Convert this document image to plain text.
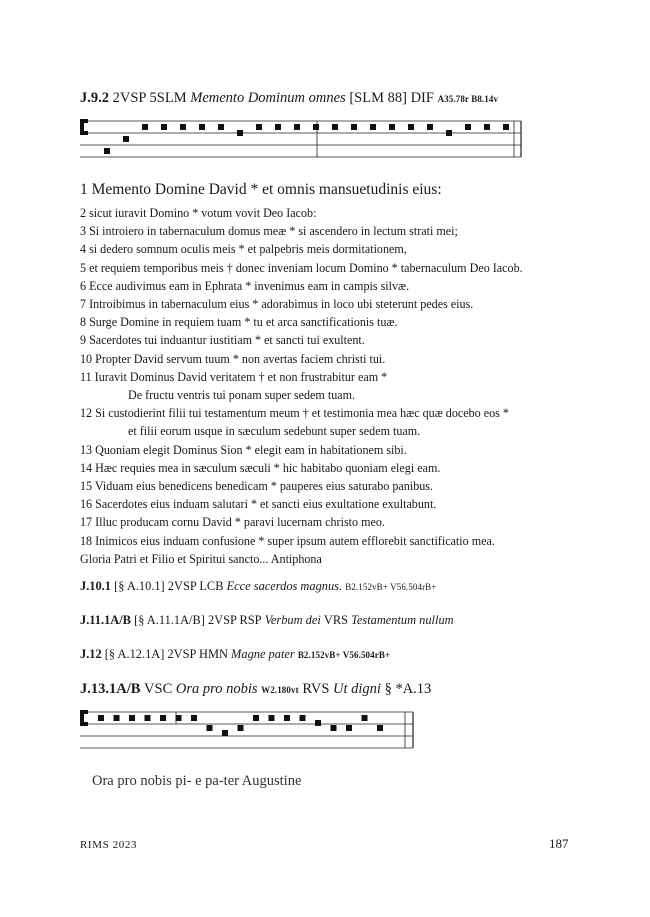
J.9.2 2VSP 5SLM Memento Dominum omnes [SLM 88] DIF A35.78r B8.14v
1 Memento Domine David * et omnis mansuetudinis eius:
2 sicut iuravit Domino * votum vovit Deo Iacob:
3 Si introiero in tabernaculum domus meæ * si ascendero in lectum strati mei;
4 si dedero somnum oculis meis * et palpebris meis dormitationem,
5 et requiem temporibus meis † donec inveniam locum Domino * tabernaculum Deo Iacob.
6 Ecce audivimus eam in Ephrata * invenimus eam in campis silvæ.
7 Introibimus in tabernaculum eius * adorabimus in loco ubi steterunt pedes eius.
8 Surge Domine in requiem tuam * tu et arca sanctificationis tuæ.
9 Sacerdotes tui induantur iustitiam * et sancti tui exultent.
10 Propter David servum tuum * non avertas faciem christi tui.
11 Iuravit Dominus David veritatem † et non frustrabitur eam *
De fructu ventris tui ponam super sedem tuam.
12 Si custodierint filii tui testamentum meum † et testimonia mea hæc quæ docebo eos *
et filii eorum usque in sæculum sedebunt super sedem tuam.
13 Quoniam elegit Dominus Sion * elegit eam in habitationem sibi.
14 Hæc requies mea in sæculum sæculi * hic habitabo quoniam elegi eam.
15 Viduam eius benedicens benedicam * pauperes eius saturabo panibus.
16 Sacerdotes eius induam salutari * et sancti eius exultatione exultabunt.
17 Illuc producam cornu David * paravi lucernam christo meo.
18 Inimicos eius induam confusione * super ipsum autem efflorebit sanctificatio mea.
Gloria Patri et Filio et Spiritui sancto... Antiphona
J.10.1 [§ A.10.1] 2VSP LCB Ecce sacerdos magnus. B2.152vB+ V56.504rB+
J.11.1A/B [§ A.11.1A/B] 2VSP RSP Verbum dei VRS Testamentum nullum
J.12 [§ A.12.1A] 2VSP HMN Magne pater B2.152vB+ V56.504rB+
J.13.1A/B VSC Ora pro nobis W2.180vt RVS Ut digni § *A.13
Ora pro nobis pi- e pa-ter Augustine
RIMS 2023	187
